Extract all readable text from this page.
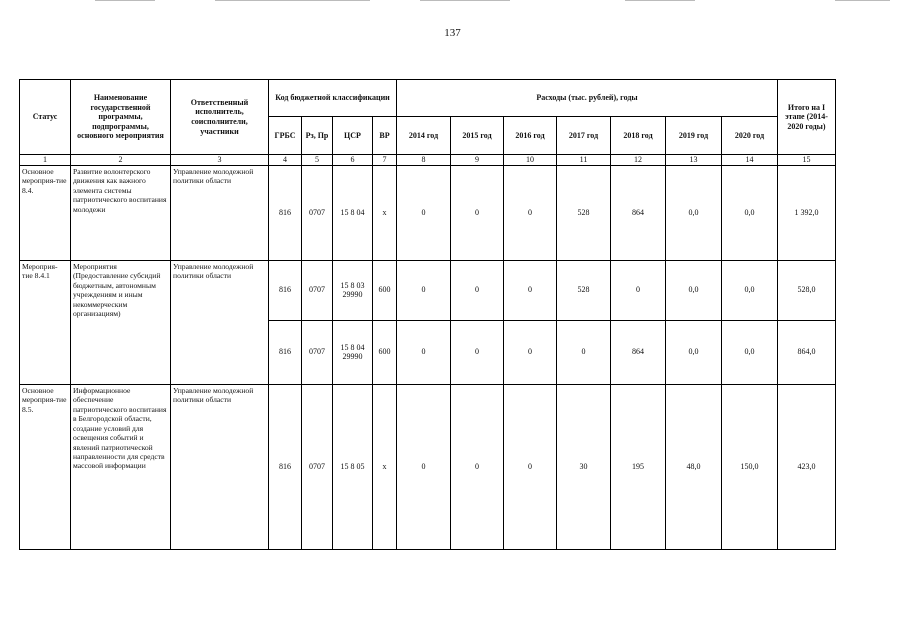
137
Статус	Наименование государственной программы, подпрограммы, основного мероприятия	Ответственный исполнитель, соисполнители, участники	Код бюджетной классификации				Расходы (тыс. рублей), годы							Итого на I этапе (2014-2020 годы)
			ГРБС	Рз, Пр	ЦСР	ВР	2014 год	2015 год	2016 год	2017 год	2018 год	2019 год	2020 год	
1	2	3	4	5	6	7	8	9	10	11	12	13	14	15
Основное мероприя-тие 8.4.	Развитие волонтерского движения как важного элемента системы патриотического воспитания молодежи	Управление молодежной политики области	816	0707	15 8 04	х	0	0	0	528	864	0,0	0,0	1 392,0
Мероприя-тие 8.4.1	Мероприятия (Предоставление субсидий бюджетным, автономным учреждениям и иным некоммерческим организациям)	Управление молодежной политики области	816	0707	15 8 03 29990	600	0	0	0	528	0	0,0	0,0	528,0
			816	0707	15 8 04 29990	600	0	0	0	0	864	0,0	0,0	864,0
Основное мероприя-тие 8.5.	Информационное обеспечение патриотического воспитания в Белгородской области, создание условий для освещения событий и явлений патриотической направленности для средств массовой информации	Управление молодежной политики области	816	0707	15 8 05	х	0	0	0	30	195	48,0	150,0	423,0
